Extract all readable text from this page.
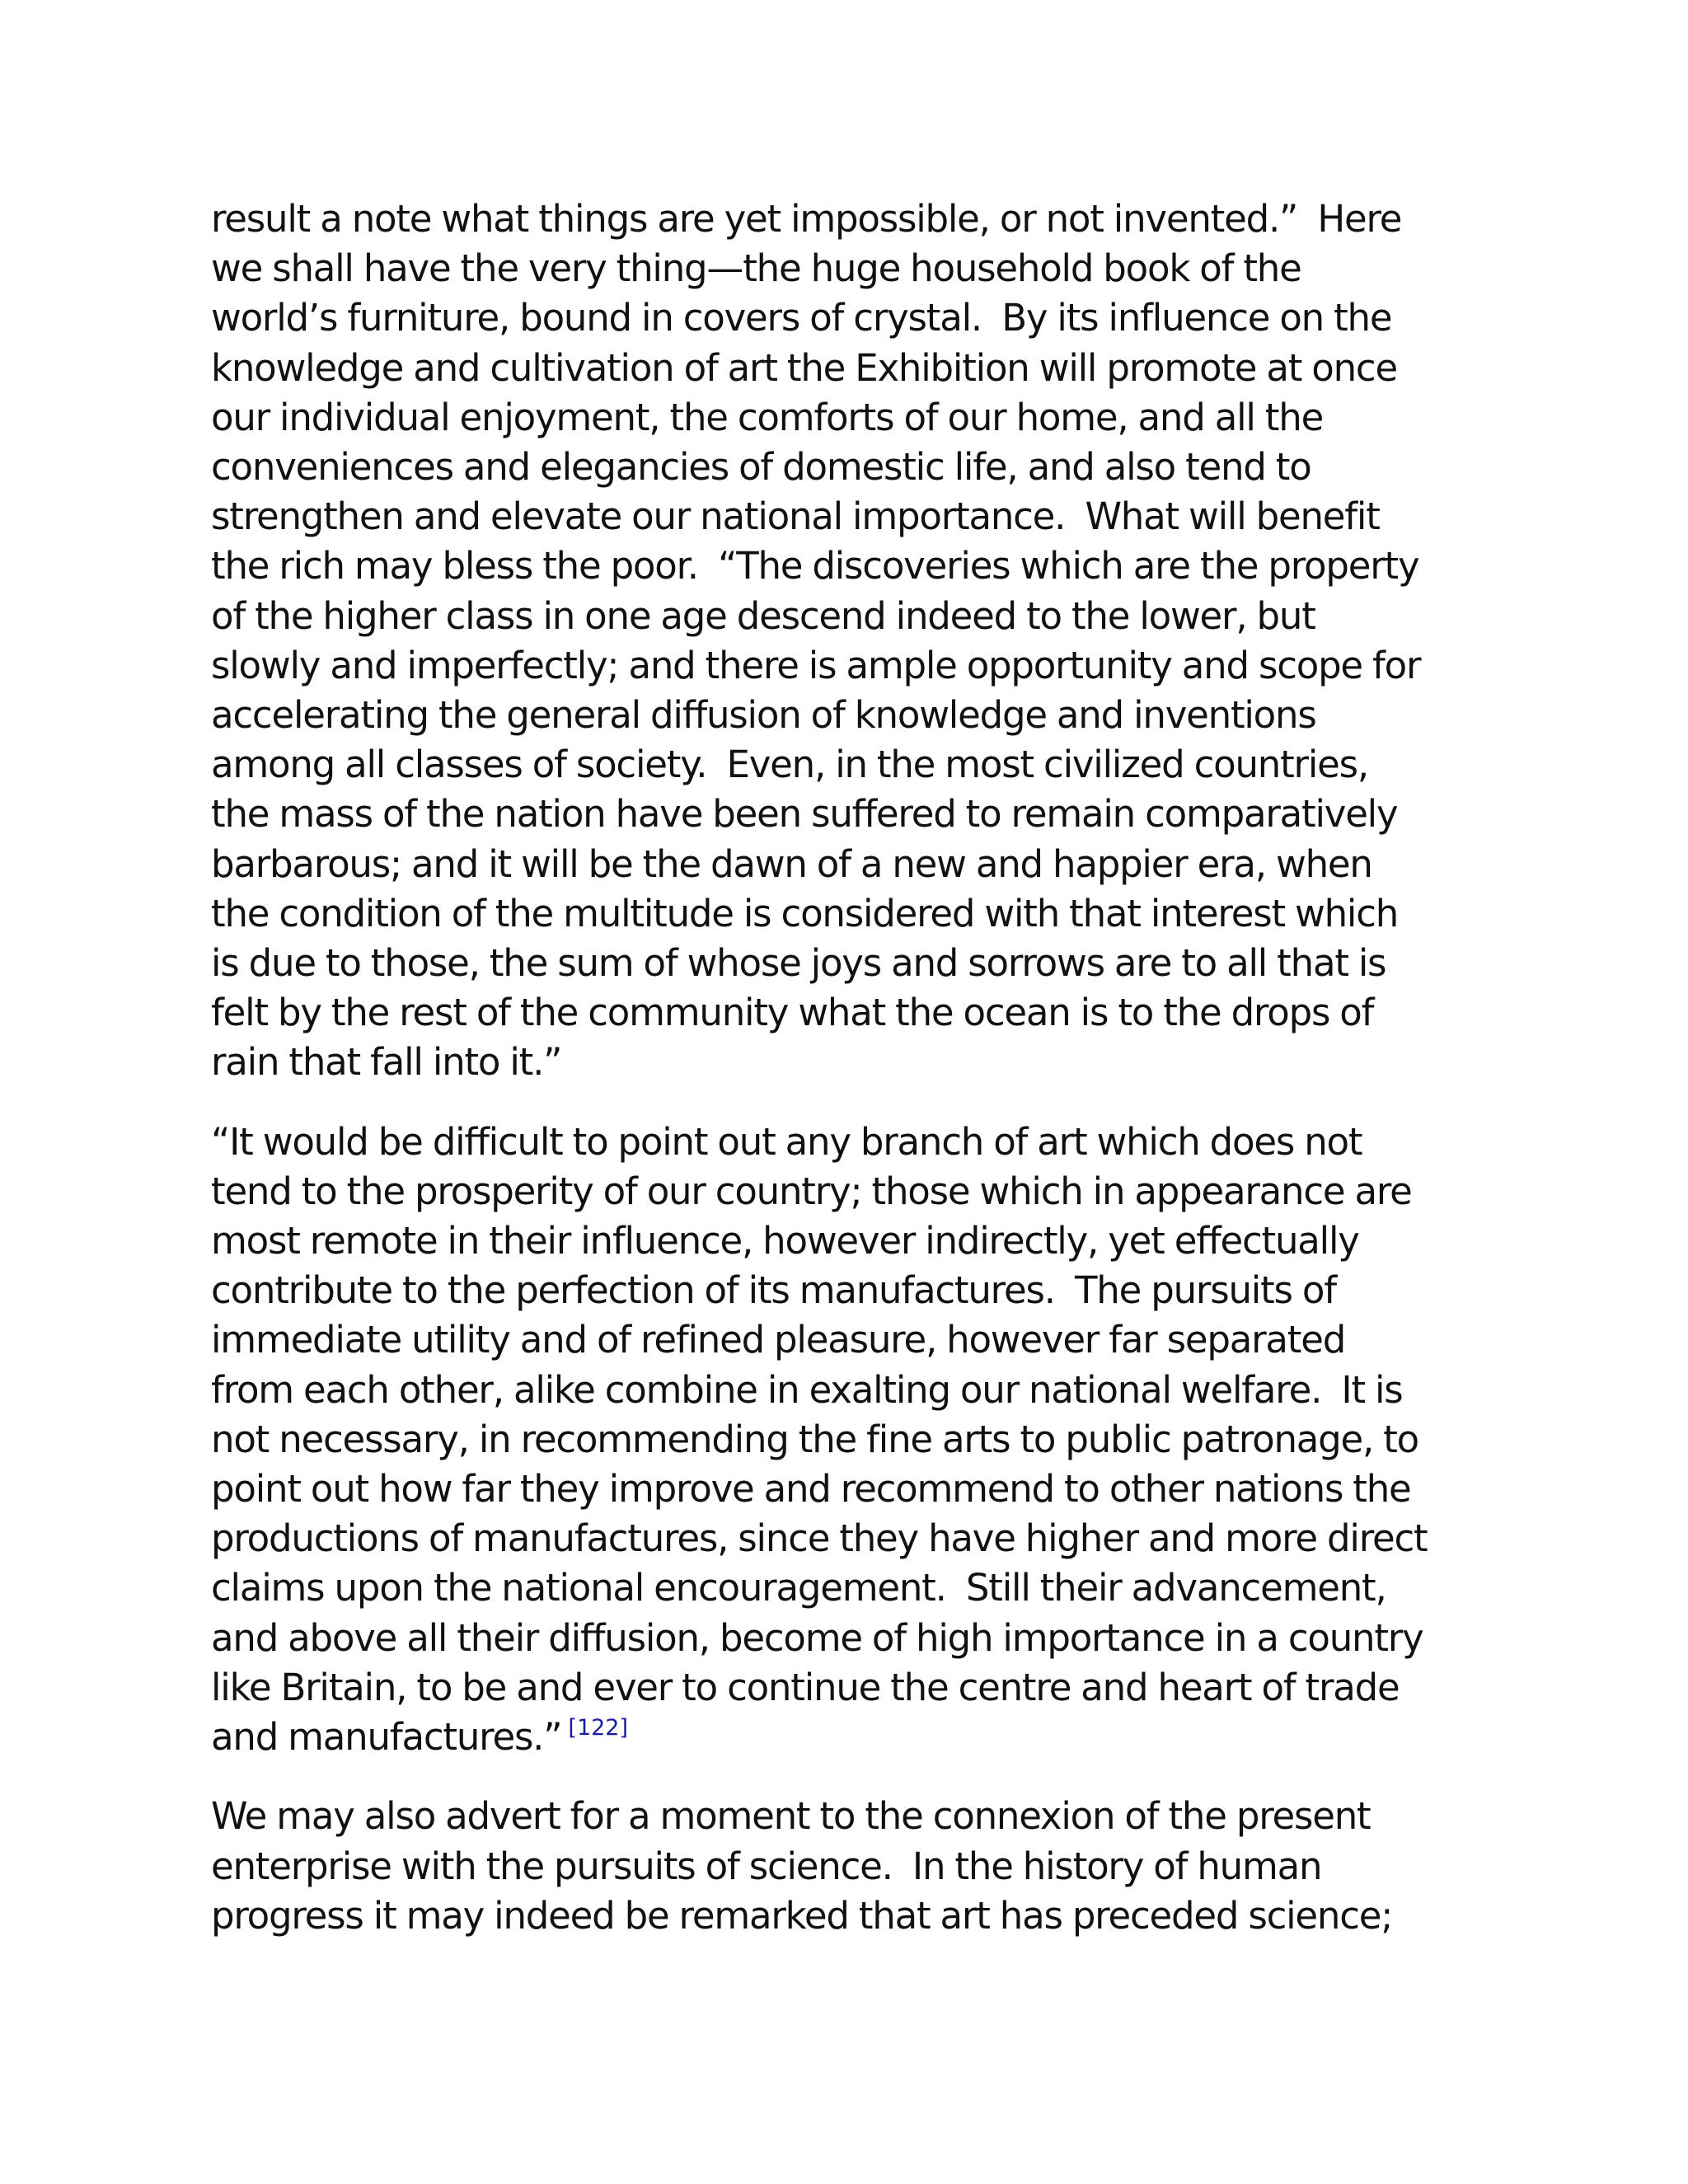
result a note what things are yet impossible, or not invented.”  Here
we shall have the very thing—the huge household book of the
world’s furniture, bound in covers of crystal.  By its influence on the
knowledge and cultivation of art the Exhibition will promote at once
our individual enjoyment, the comforts of our home, and all the
conveniences and elegancies of domestic life, and also tend to
strengthen and elevate our national importance.  What will benefit
the rich may bless the poor.  “The discoveries which are the property
of the higher class in one age descend indeed to the lower, but
slowly and imperfectly; and there is ample opportunity and scope for
accelerating the general diffusion of knowledge and inventions
among all classes of society.  Even, in the most civilized countries,
the mass of the nation have been suffered to remain comparatively
barbarous; and it will be the dawn of a new and happier era, when
the condition of the multitude is considered with that interest which
is due to those, the sum of whose joys and sorrows are to all that is
felt by the rest of the community what the ocean is to the drops of
rain that fall into it.”

“It would be difficult to point out any branch of art which does not
tend to the prosperity of our country; those which in appearance are
most remote in their influence, however indirectly, yet effectually
contribute to the perfection of its manufactures.  The pursuits of
immediate utility and of refined pleasure, however far separated
from each other, alike combine in exalting our national welfare.  It is
not necessary, in recommending the fine arts to public patronage, to
point out how far they improve and recommend to other nations the
productions of manufactures, since they have higher and more direct
claims upon the national encouragement.  Still their advancement,
and above all their diffusion, become of high importance in a country
like Britain, to be and ever to continue the centre and heart of trade
and manufactures.” [122]

We may also advert for a moment to the connexion of the present
enterprise with the pursuits of science.  In the history of human
progress it may indeed be remarked that art has preceded science;
